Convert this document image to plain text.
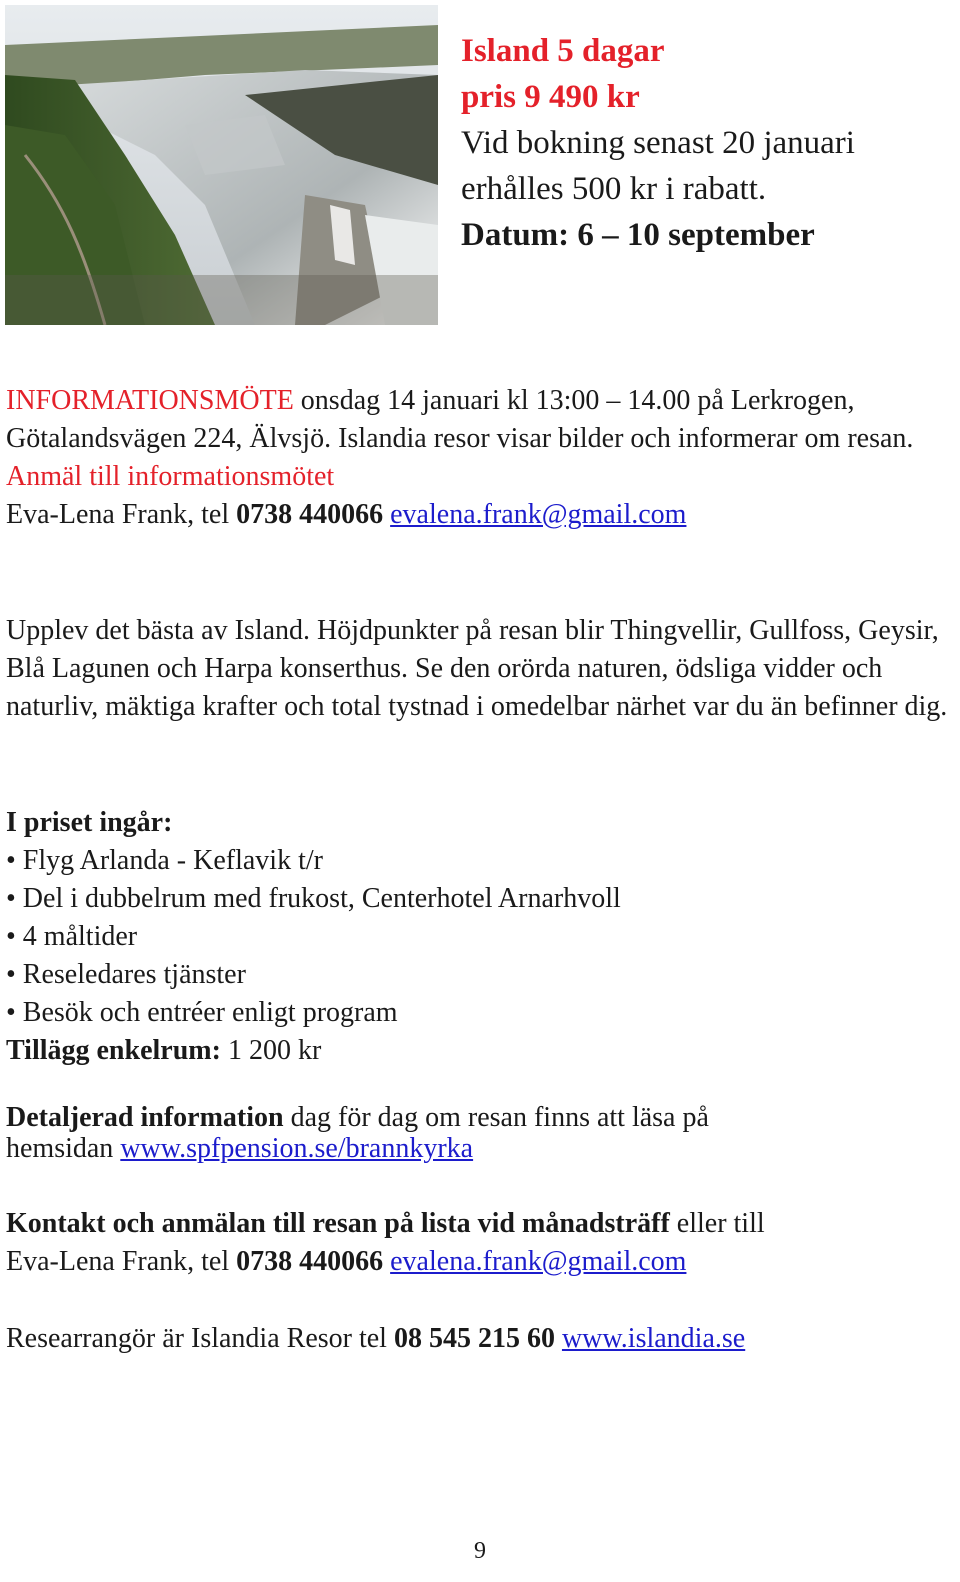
Island 5 dagar
pris 9 490 kr
Vid bokning senast 20 januari erhålles 500 kr i rabatt.
Datum: 6 – 10 september
INFORMATIONSMÖTE onsdag 14 januari kl 13:00 – 14.00 på Lerkrogen, Götalandsvägen 224, Älvsjö. Islandia resor visar bilder och informerar om resan.
Anmäl till informationsmötet
Eva-Lena Frank, tel 0738 440066 evalena.frank@gmail.com
Upplev det bästa av Island. Höjdpunkter på resan blir Thingvellir, Gullfoss, Geysir, Blå Lagunen och Harpa konserthus. Se den orörda naturen, ödsliga vidder och naturliv, mäktiga krafter och total tystnad i omedelbar närhet var du än befinner dig.
I priset ingår:
• Flyg Arlanda - Keflavik t/r
• Del i dubbelrum med frukost, Centerhotel Arnarhvoll
• 4 måltider
• Reseledares tjänster
• Besök och entréer enligt program
Tillägg enkelrum: 1 200 kr
Detaljerad information dag för dag om resan finns att läsa på
hemsidan www.spfpension.se/brannkyrka
Kontakt och anmälan till resan på lista vid månadsträff eller till
Eva-Lena Frank, tel 0738 440066 evalena.frank@gmail.com
Researrangör är Islandia Resor tel 08 545 215 60 www.islandia.se
9
